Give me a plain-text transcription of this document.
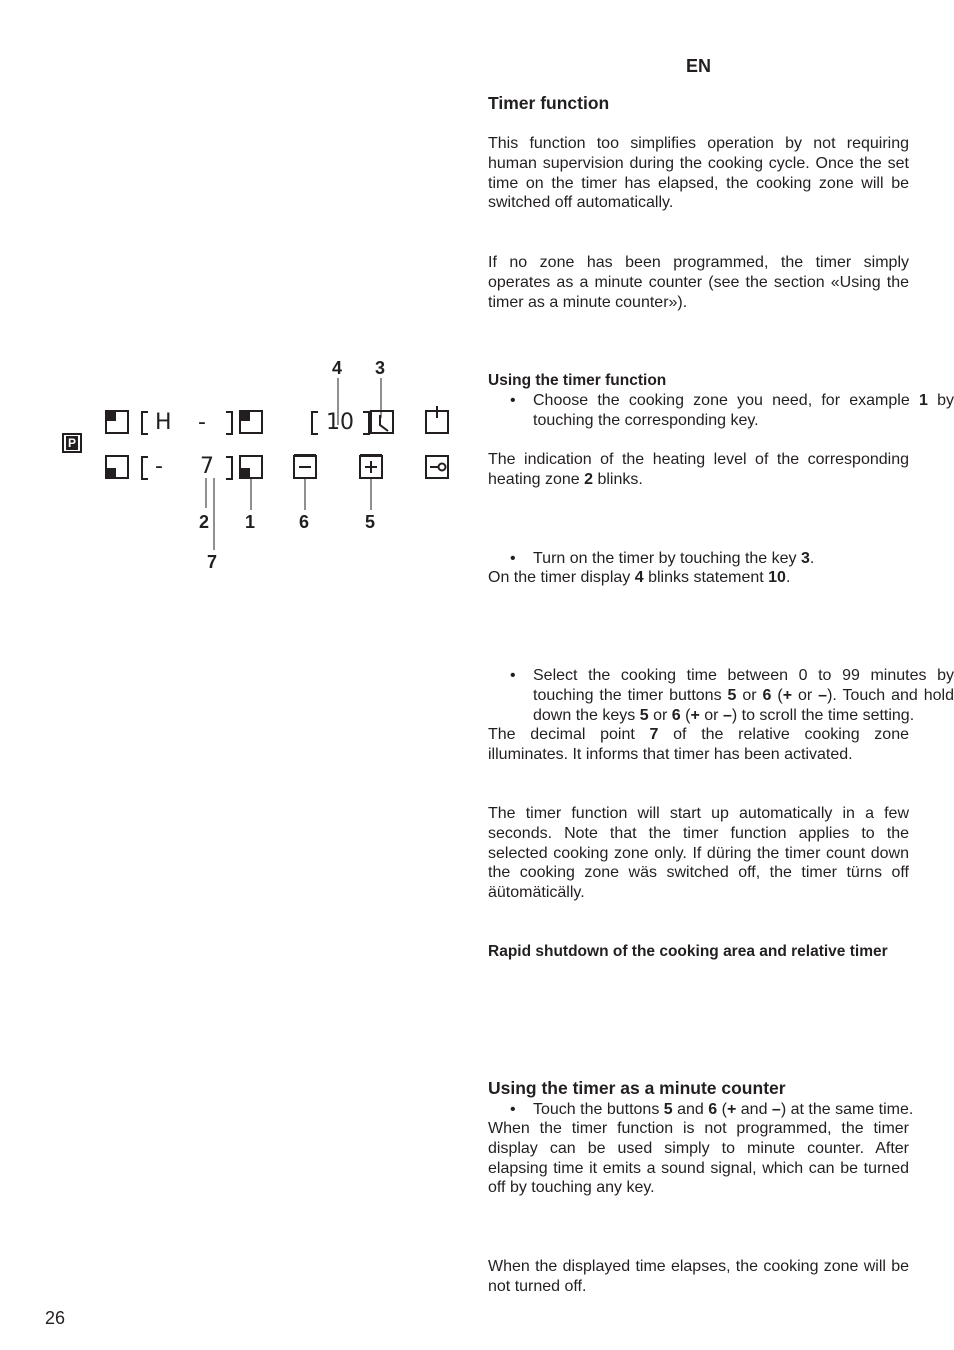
EN
P
H -
- 7
10
4 3
2 1 6	5
7
Timer function
This function too simplifies operation by not requiring human supervision during the cooking cycle. Once the set time on the timer has elapsed, the cooking zone will be switched off automatically.
If no zone has been programmed, the timer simply operates as a minute counter (see the section «Using the timer as a minute counter»).
Using the timer function
• Choose the cooking zone you need, for example 1 by touching the corresponding key.
The indication of the heating level of the corresponding heating zone 2 blinks.
• Turn on the timer by touching the key 3.
On the timer display 4 blinks statement 10.
• Select the cooking time between 0 to 99 minutes by touching the timer buttons 5 or 6 (+ or –). Touch and hold down the keys 5 or 6 (+ or –) to scroll the time setting.
The decimal point 7 of the relative cooking zone illuminates. It informs that timer has been activated.
The timer function will start up automatically in a few seconds. Note that the timer function applies to the selected cooking zone only. If düring the timer count down the cooking zone wäs switched off, the timer türns off äütomäticälly.
Rapid shutdown of the cooking area and relative timer
• Touch the buttons 5 and 6 (+ and –) at the same time.
Using the timer as a minute counter
When the timer function is not programmed, the timer display can be used simply to minute counter. After elapsing time it emits a sound signal, which can be turned off by touching any key.
When the displayed time elapses, the cooking zone will be not turned off.
26
